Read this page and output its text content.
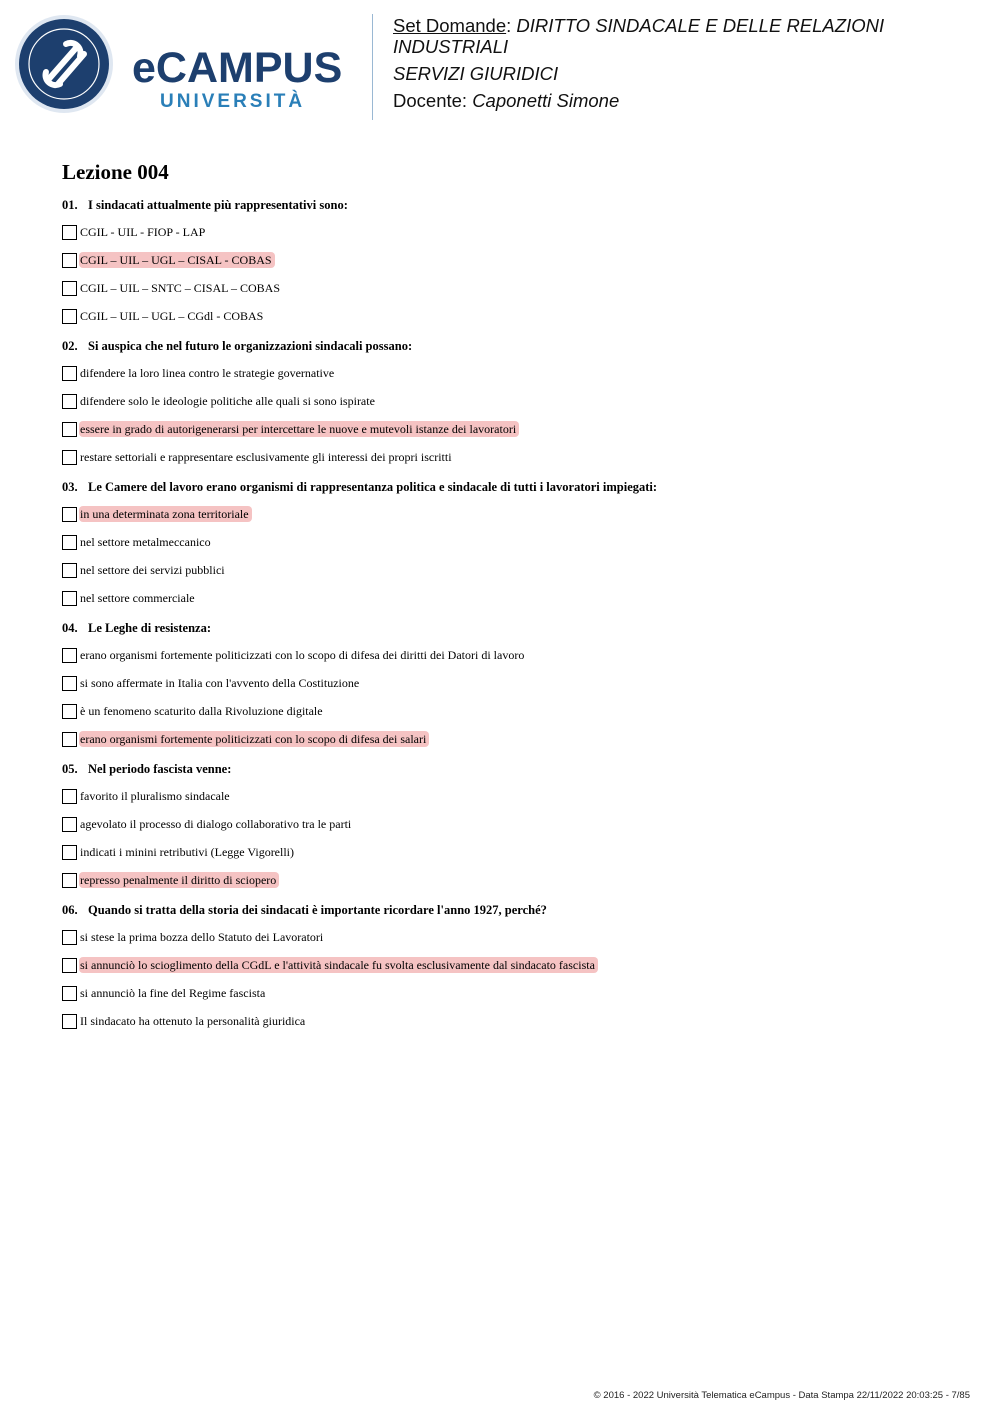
eCAMPUS
UNIVERSITÀ

Set Domande: DIRITTO SINDACALE E DELLE RELAZIONI INDUSTRIALI

SERVIZI GIURIDICI

Docente: Caponetti Simone

Lezione 004
01. I sindacati attualmente più rappresentativi sono:
CGIL - UIL - FIOP - LAP
CGIL – UIL – UGL – CISAL - COBAS
CGIL – UIL – SNTC – CISAL – COBAS
CGIL – UIL – UGL – CGdl - COBAS
02. Si auspica che nel futuro le organizzazioni sindacali possano:
difendere la loro linea contro le strategie governative
difendere solo le ideologie politiche alle quali si sono ispirate
essere in grado di autorigenerarsi per intercettare le nuove e mutevoli istanze dei lavoratori
restare settoriali e rappresentare esclusivamente gli interessi dei propri iscritti
03. Le Camere del lavoro erano organismi di rappresentanza politica e sindacale di tutti i lavoratori impiegati:
in una determinata zona territoriale
nel settore metalmeccanico
nel settore dei servizi pubblici
nel settore commerciale
04. Le Leghe di resistenza:
erano organismi fortemente politicizzati con lo scopo di difesa dei diritti dei Datori di lavoro
si sono affermate in Italia con l'avvento della Costituzione
è un fenomeno scaturito dalla Rivoluzione digitale
erano organismi fortemente politicizzati con lo scopo di difesa dei salari
05. Nel periodo fascista venne:
favorito il pluralismo sindacale
agevolato il processo di dialogo collaborativo tra le parti
indicati i minini retributivi (Legge Vigorelli)
represso penalmente il diritto di sciopero
06. Quando si tratta della storia dei sindacati è importante ricordare l'anno 1927, perché?
si stese la prima bozza dello Statuto dei Lavoratori
si annunciò lo scioglimento della CGdL e l'attività sindacale fu svolta esclusivamente dal sindacato fascista
si annunciò la fine del Regime fascista
Il sindacato ha ottenuto la personalità giuridica
© 2016 - 2022 Università Telematica eCampus - Data Stampa 22/11/2022 20:03:25 - 7/85
